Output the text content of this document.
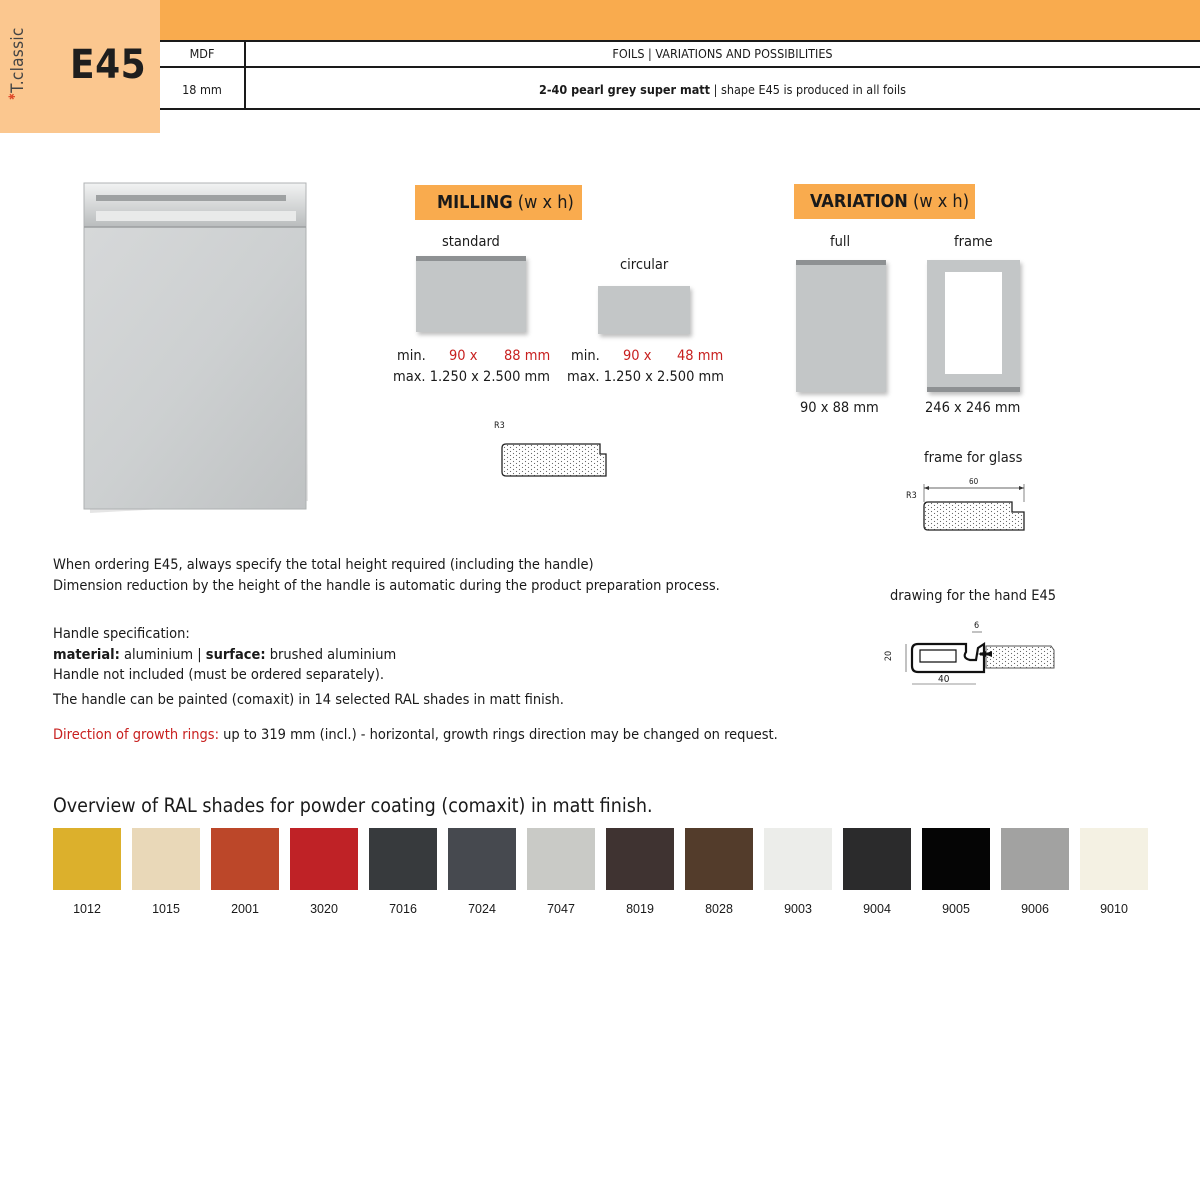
✱T.classic	E45	MDF	FOILS | VARIATIONS AND POSSIBILITIES
18 mm	2-40 pearl grey super matt | shape E45 is produced in all foils
MILLING (w x h)
standard
circular
min. 90 x 88 mm
max. 1.250 x 2.500 mm
min. 90 x 48 mm
max. 1.250 x 2.500 mm
R3
VARIATION (w x h)
full	frame
90 x 88 mm	246 x 246 mm
frame for glass
R3
60
drawing for the hand E45
6
20
40
When ordering E45, always specify the total height required (including the handle)
Dimension reduction by the height of the handle is automatic during the product preparation process.
Handle specification:
material: aluminium | surface: brushed aluminium
Handle not included (must be ordered separately).
The handle can be painted (comaxit) in 14 selected RAL shades in matt finish.
Direction of growth rings: up to 319 mm (incl.) - horizontal, growth rings direction may be changed on request.
Overview of RAL shades for powder coating (comaxit) in matt finish.
1012	1015	2001	3020	7016	7024	7047	8019	8028	9003	9004	9005	9006	9010
